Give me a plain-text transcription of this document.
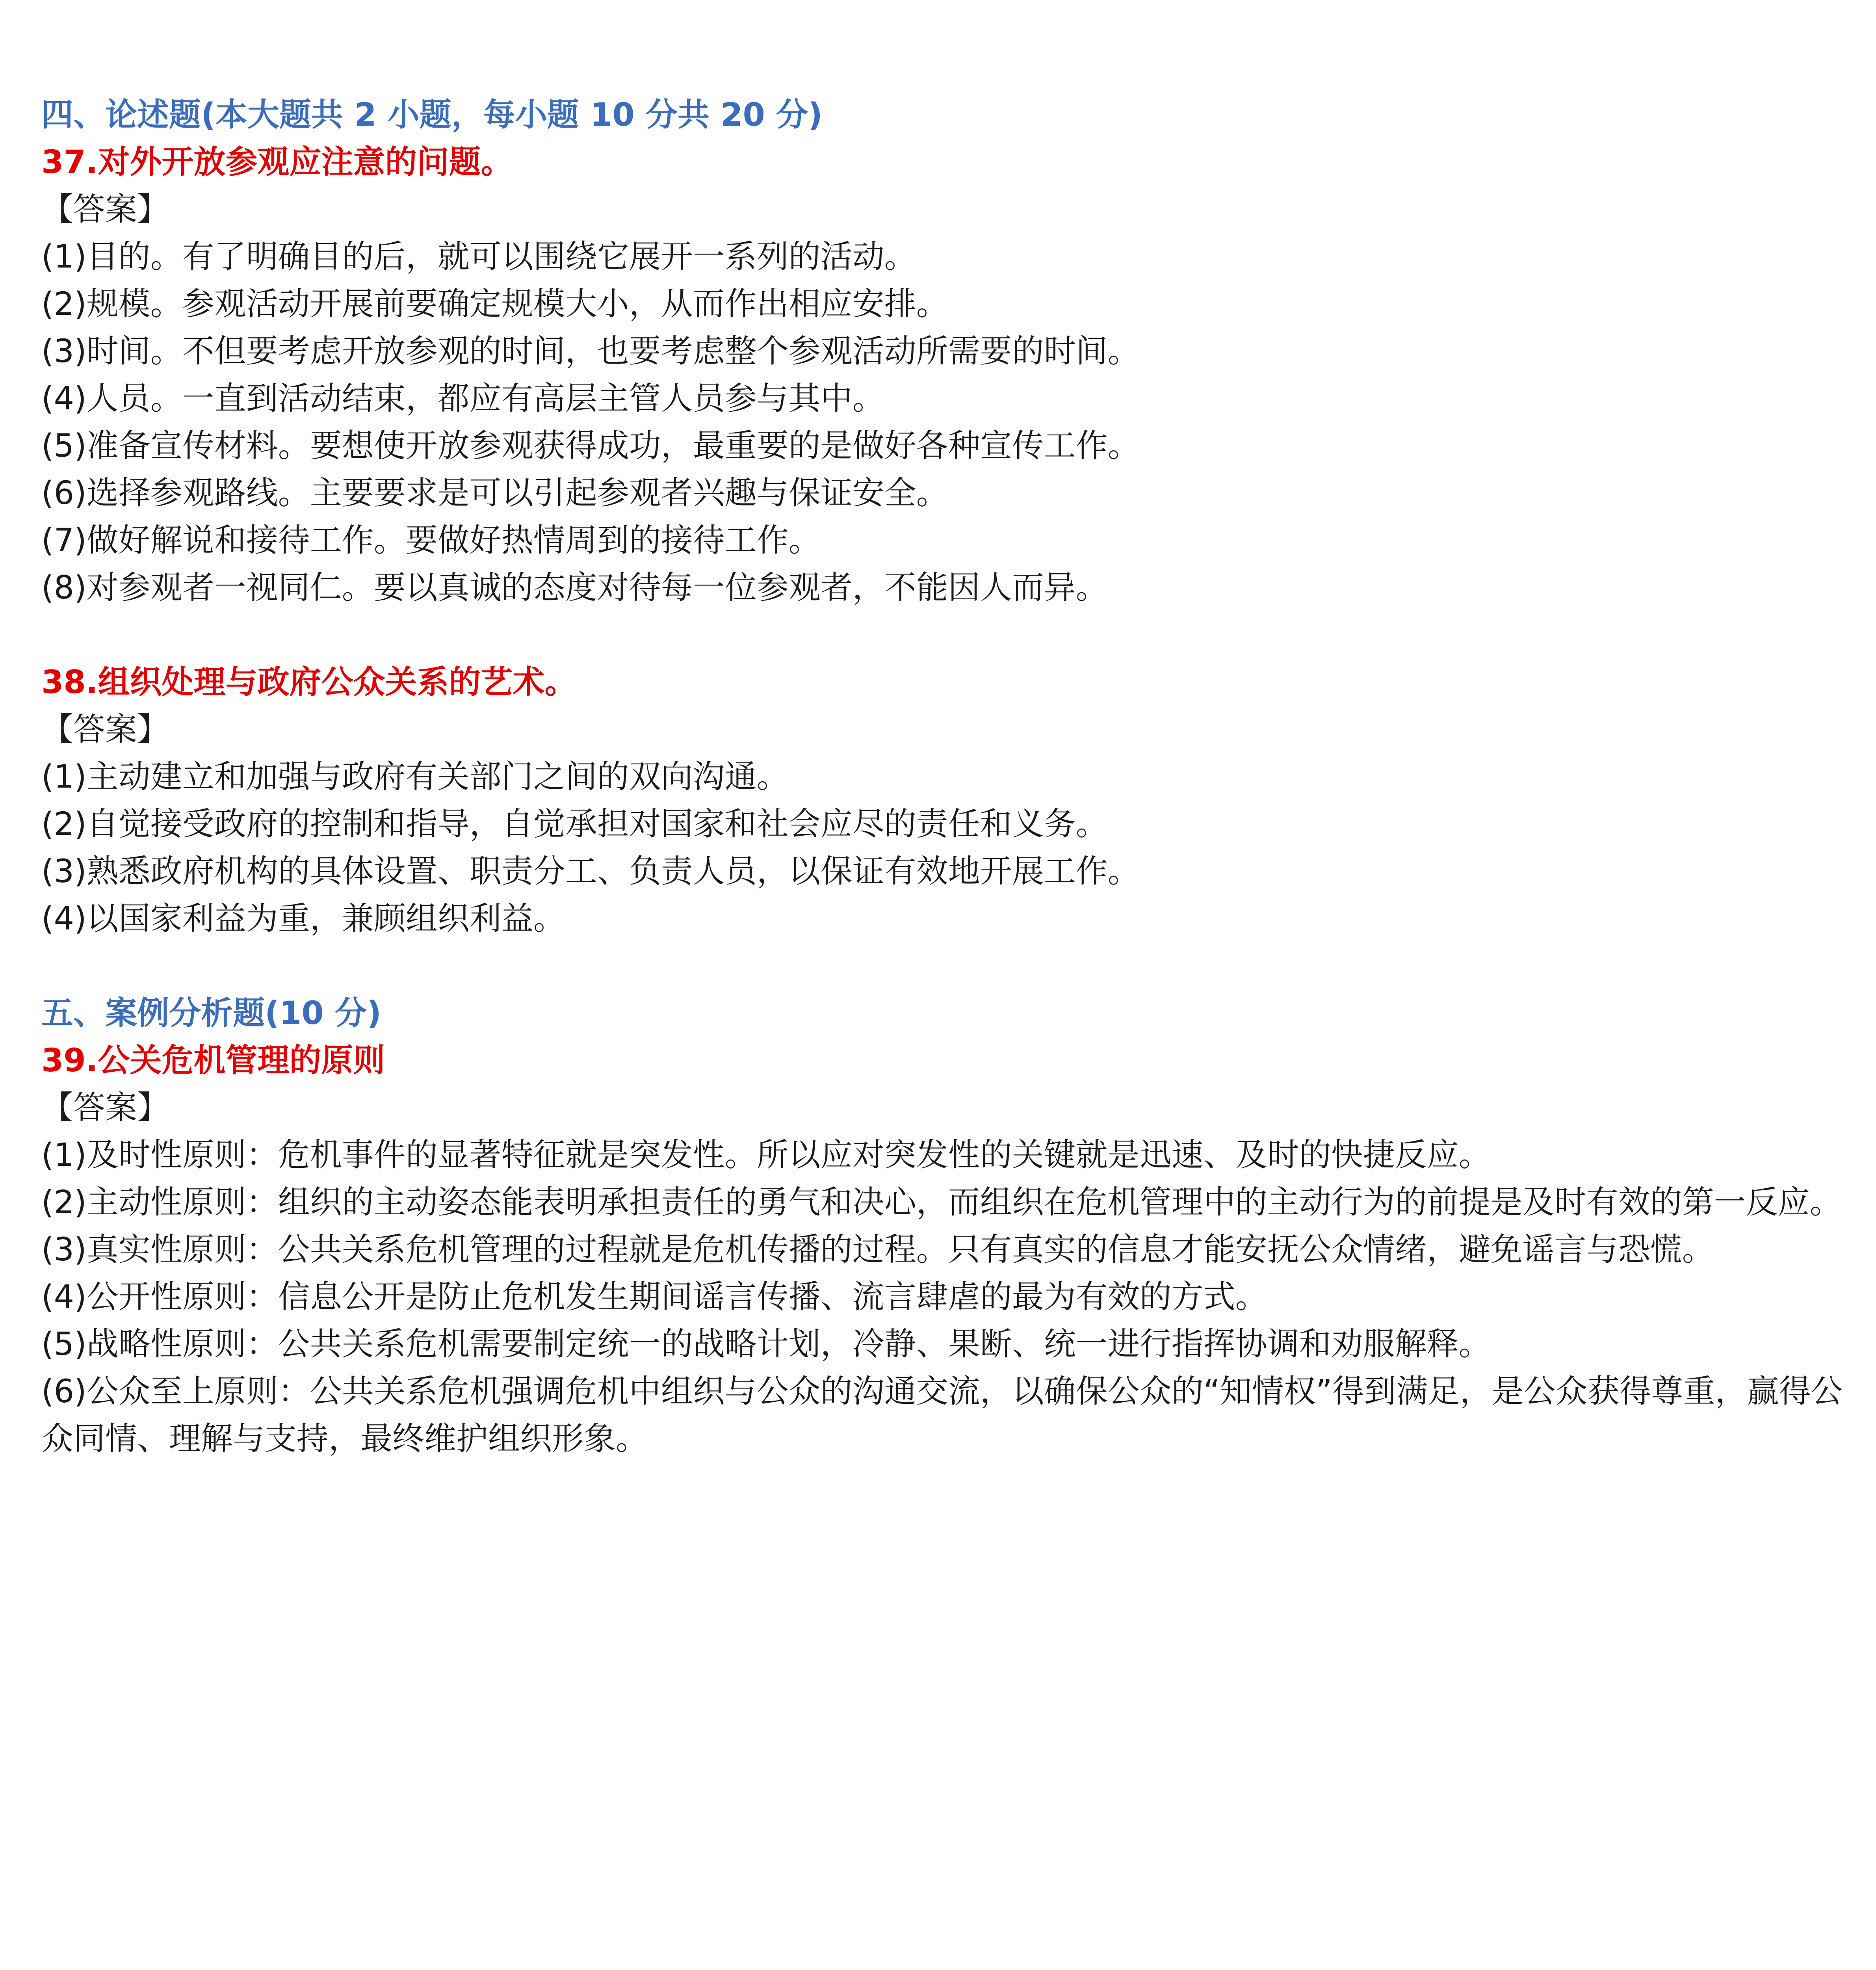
四、论述题(本大题共 2 小题，每小题 10 分共 20 分)

37.对外开放参观应注意的问题。

【答案】

(1)目的。有了明确目的后，就可以围绕它展开一系列的活动。

(2)规模。参观活动开展前要确定规模大小，从而作出相应安排。

(3)时间。不但要考虑开放参观的时间，也要考虑整个参观活动所需要的时间。

(4)人员。一直到活动结束，都应有高层主管人员参与其中。

(5)准备宣传材料。要想使开放参观获得成功，最重要的是做好各种宣传工作。

(6)选择参观路线。主要要求是可以引起参观者兴趣与保证安全。

(7)做好解说和接待工作。要做好热情周到的接待工作。

(8)对参观者一视同仁。要以真诚的态度对待每一位参观者，不能因人而异。

38.组织处理与政府公众关系的艺术。

【答案】

(1)主动建立和加强与政府有关部门之间的双向沟通。

(2)自觉接受政府的控制和指导，自觉承担对国家和社会应尽的责任和义务。

(3)熟悉政府机构的具体设置、职责分工、负责人员，以保证有效地开展工作。

(4)以国家利益为重，兼顾组织利益。

五、案例分析题(10 分)

39.公关危机管理的原则

【答案】

(1)及时性原则：危机事件的显著特征就是突发性。所以应对突发性的关键就是迅速、及时的快捷反应。

(2)主动性原则：组织的主动姿态能表明承担责任的勇气和决心，而组织在危机管理中的主动行为的前提是及时有效的第一反应。

(3)真实性原则：公共关系危机管理的过程就是危机传播的过程。只有真实的信息才能安抚公众情绪，避免谣言与恐慌。

(4)公开性原则：信息公开是防止危机发生期间谣言传播、流言肆虐的最为有效的方式。

(5)战略性原则：公共关系危机需要制定统一的战略计划，冷静、果断、统一进行指挥协调和劝服解释。

(6)公众至上原则：公共关系危机强调危机中组织与公众的沟通交流，以确保公众的“知情权”得到满足，是公众获得尊重，赢得公众同情、理解与支持，最终维护组织形象。
